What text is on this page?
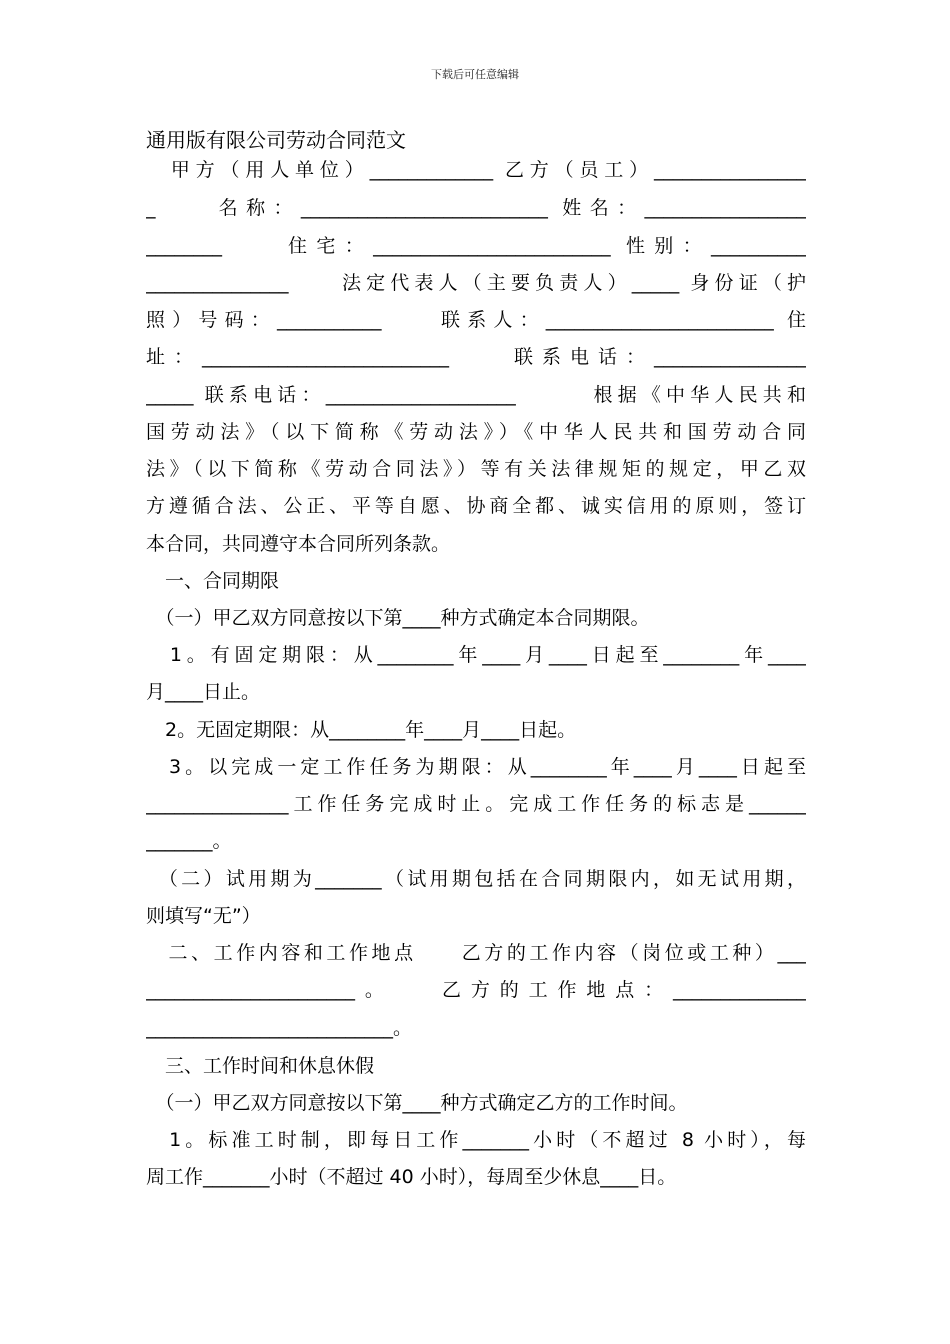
下载后可任意编辑
通用版有限公司劳动合同范文
　甲方（用人单位）_____________ 乙方（员工）________________
_　　名称：__________________________ 姓名：_________________
________　　住宅：_________________________ 性别：__________
_______________　　法定代表人（主要负责人）_____ 身份证（护
照）号码：___________　　联系人：________________________ 住
址：__________________________　　联系电话：________________
_____ 联系电话：____________________　　　根据《中华人民共和
国劳动法》（以下简称《劳动法》）《中华人民共和国劳动合同
法》（以下简称《劳动合同法》）等有关法律规矩的规定，甲乙双
方遵循合法、公正、平等自愿、协商全都、诚实信用的原则，签订
本合同，共同遵守本合同所列条款。
　一、合同期限
　（一）甲乙双方同意按以下第____种方式确定本合同期限。
　1。有固定期限：从________年____月____日起至________年____
月____日止。
　2。无固定期限：从________年____月____日起。
　3。以完成一定工作任务为期限：从________年____月____日起至
_______________工作任务完成时止。完成工作任务的标志是______
_______。
　（二）试用期为_______（试用期包括在合同期限内，如无试用期，
则填写“无”）
　二、工作内容和工作地点　　乙方的工作内容（岗位或工种）___
______________________。　　乙方的工作地点：______________
__________________________。
　三、工作时间和休息休假
　（一）甲乙双方同意按以下第____种方式确定乙方的工作时间。
　1。标准工时制，即每日工作_______小时（不超过 8 小时），每
周工作_______小时（不超过 40 小时），每周至少休息____日。
